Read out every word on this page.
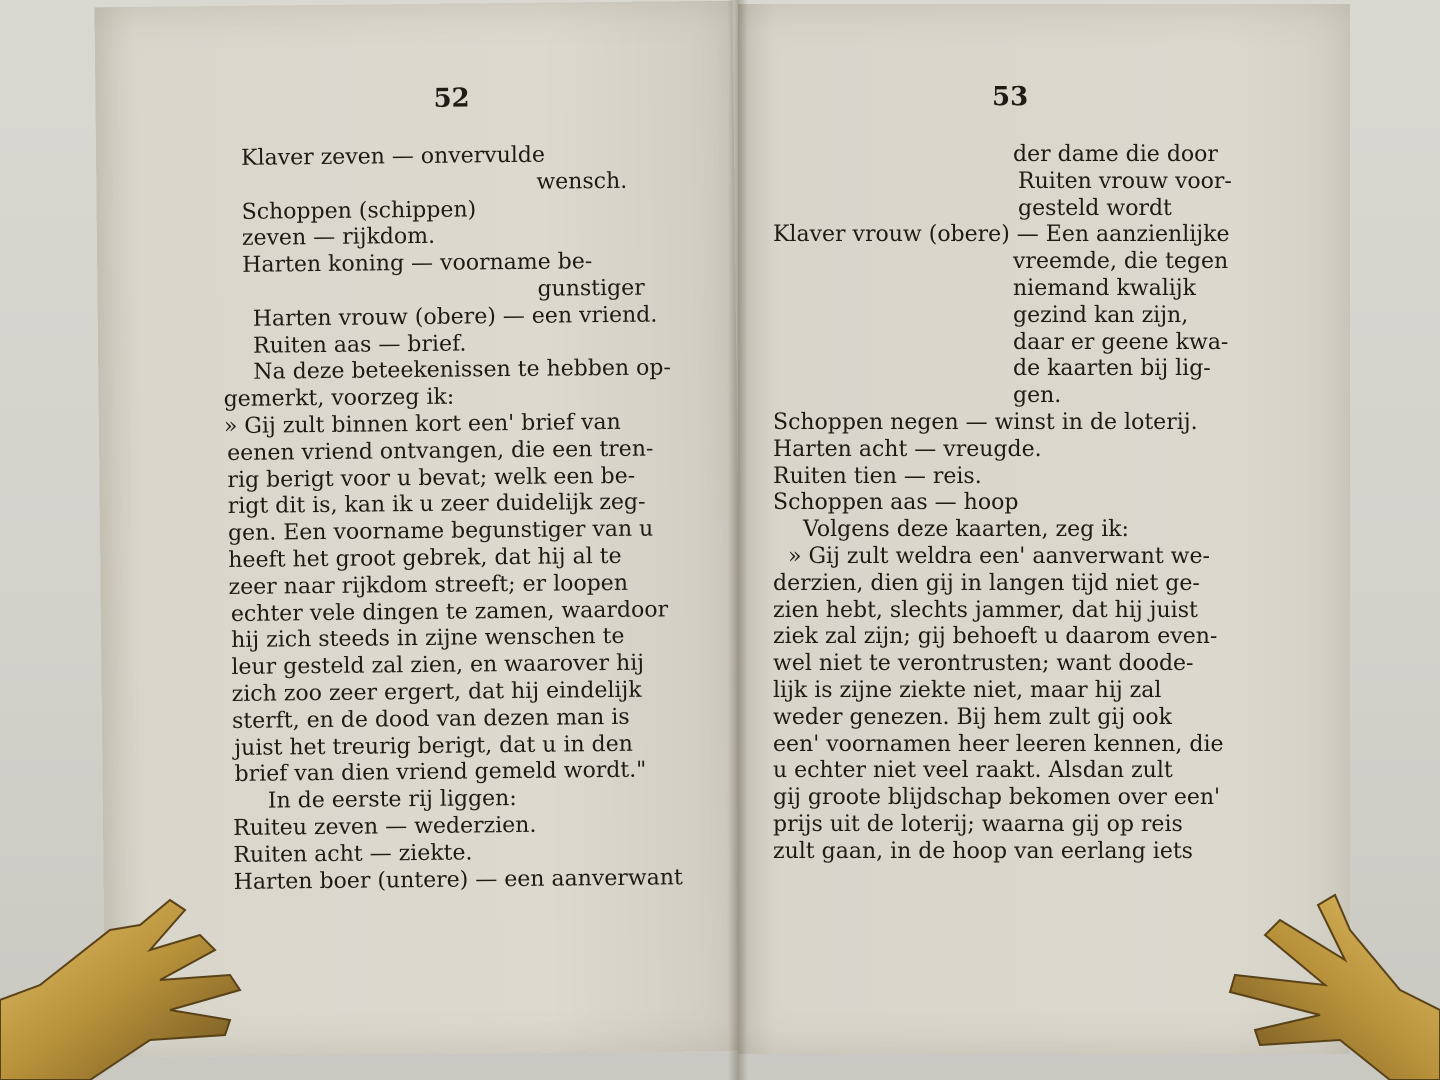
52
Klaver zeven — onvervulde
wensch.
Schoppen (schippen)
zeven — rijkdom.
Harten koning — voorname be-
gunstiger
Harten vrouw (obere) — een vriend.
Ruiten aas — brief.
Na deze beteekenissen te hebben op-
gemerkt, voorzeg ik:
» Gij zult binnen kort een' brief van
eenen vriend ontvangen, die een tren-
rig berigt voor u bevat; welk een be-
rigt dit is, kan ik u zeer duidelijk zeg-
gen. Een voorname begunstiger van u
heeft het groot gebrek, dat hij al te
zeer naar rijkdom streeft; er loopen
echter vele dingen te zamen, waardoor
hij zich steeds in zijne wenschen te
leur gesteld zal zien, en waarover hij
zich zoo zeer ergert, dat hij eindelijk
sterft, en de dood van dezen man is
juist het treurig berigt, dat u in den
brief van dien vriend gemeld wordt."
In de eerste rij liggen:
Ruiteu zeven — wederzien.
Ruiten acht — ziekte.
Harten boer (untere) — een aanverwant
53
der dame die door
Ruiten vrouw voor-
gesteld wordt
Klaver vrouw (obere) — Een aanzienlijke
vreemde, die tegen
niemand kwalijk
gezind kan zijn,
daar er geene kwa-
de kaarten bij lig-
gen.
Schoppen negen — winst in de loterij.
Harten acht — vreugde.
Ruiten tien — reis.
Schoppen aas — hoop
Volgens deze kaarten, zeg ik:
» Gij zult weldra een' aanverwant we-
derzien, dien gij in langen tijd niet ge-
zien hebt, slechts jammer, dat hij juist
ziek zal zijn; gij behoeft u daarom even-
wel niet te verontrusten; want doode-
lijk is zijne ziekte niet, maar hij zal
weder genezen. Bij hem zult gij ook
een' voornamen heer leeren kennen, die
u echter niet veel raakt. Alsdan zult
gij groote blijdschap bekomen over een'
prijs uit de loterij; waarna gij op reis
zult gaan, in de hoop van eerlang iets
